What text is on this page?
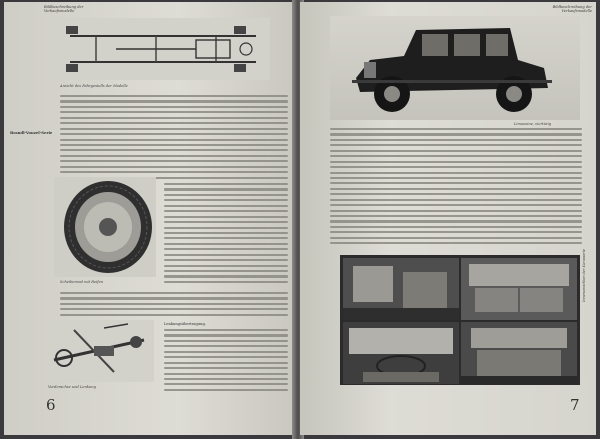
Bildbeschreibung der Verkaufsmodelle
Ansicht des Fahrgestells der Modelle
Brandl-Vonzel-Serie
Scheibenrad mit Reifen
Vorderachse und Lenkung
Lenkungsübertragung.
6
Bildbeschreibung der Verkaufsmodelle
Limousine, viertürig
Innenansichten der Karosserie
7
